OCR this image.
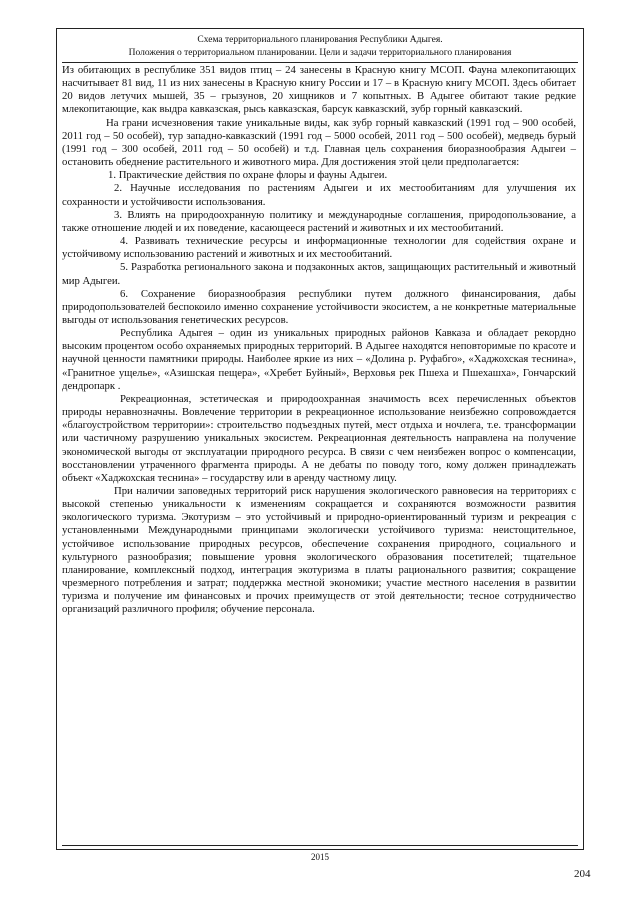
Схема территориального планирования Республики Адыгея.
Положения о территориальном планировании. Цели и задачи территориального планирования

Из обитающих в республике 351 видов птиц – 24 занесены в Красную книгу МСОП. Фауна млекопитающих насчитывает 81 вид, 11 из них занесены в Красную книгу России и 17 – в Красную книгу МСОП. Здесь обитает 20 видов летучих мышей, 35 – грызунов, 20 хищников и 7 копытных. В Адыгее обитают такие редкие млекопитающие, как выдра кавказская, рысь кавказская, барсук кавказский, зубр горный кавказский.

На грани исчезновения такие уникальные виды, как зубр горный кавказский (1991 год – 900 особей, 2011 год – 50 особей), тур западно-кавказский (1991 год – 5000 особей, 2011 год – 500 особей), медведь бурый (1991 год – 300 особей, 2011 год – 50 особей) и т.д. Главная цель сохранения биоразнообразия Адыгеи – остановить обеднение растительного и животного мира. Для достижения этой цели предполагается:

1. Практические действия по охране флоры и фауны Адыгеи.

2. Научные исследования по растениям Адыгеи и их местообитаниям для улучшения их сохранности и устойчивости использования.

3. Влиять на природоохранную политику и международные соглашения, природопользование, а также отношение людей и их поведение, касающееся растений и животных и их местообитаний.

4. Развивать технические ресурсы и информационные технологии для содействия охране и устойчивому использованию растений и животных и их местообитаний.

5. Разработка регионального закона и подзаконных актов, защищающих растительный и животный мир Адыгеи.

6. Сохранение биоразнообразия республики путем должного финансирования, дабы природопользователей беспокоило именно сохранение устойчивости экосистем, а не конкретные материальные выгоды от использования генетических ресурсов.

Республика Адыгея – один из уникальных природных районов Кавказа и обладает рекордно высоким процентом особо охраняемых природных территорий. В Адыгее находятся неповторимые по красоте и научной ценности памятники природы. Наиболее яркие из них – «Долина р. Руфабго», «Хаджохская теснина», «Гранитное ущелье», «Азишская пещера», «Хребет Буйный», Верховья рек Пшеха и Пшехашха», Гончарский дендропарк .

Рекреационная, эстетическая и природоохранная значимость всех перечисленных объектов природы неравнозначны. Вовлечение территории в рекреационное использование неизбежно сопровождается «благоустройством территории»: строительство подъездных путей, мест отдыха и ночлега, т.е. трансформации или частичному разрушению уникальных экосистем. Рекреационная деятельность направлена на получение экономической выгоды от эксплуатации природного ресурса. В связи с чем неизбежен вопрос о компенсации, восстановлении утраченного фрагмента природы. А не дебаты по поводу того, кому должен принадлежать объект «Хаджохская теснина» – государству или в аренду частному лицу.

При наличии заповедных территорий риск нарушения экологического равновесия на территориях с высокой степенью уникальности к изменениям сокращается и сохраняются возможности развития экологического туризма. Экотуризм – это устойчивый и природно-ориентированный туризм и рекреация с установленными Международными принципами экологически устойчивого туризма: неистощительное, устойчивое использование природных ресурсов, обеспечение сохранения природного, социального и культурного разнообразия; повышение уровня экологического образования посетителей; тщательное планирование, комплексный подход, интеграция экотуризма в платы рационального развития; сокращение чрезмерного потребления и затрат; поддержка местной экономики; участие местного населения в развитии туризма и получение им финансовых и прочих преимуществ от этой деятельности; тесное сотрудничество организаций различного профиля; обучение персонала.

2015
204
